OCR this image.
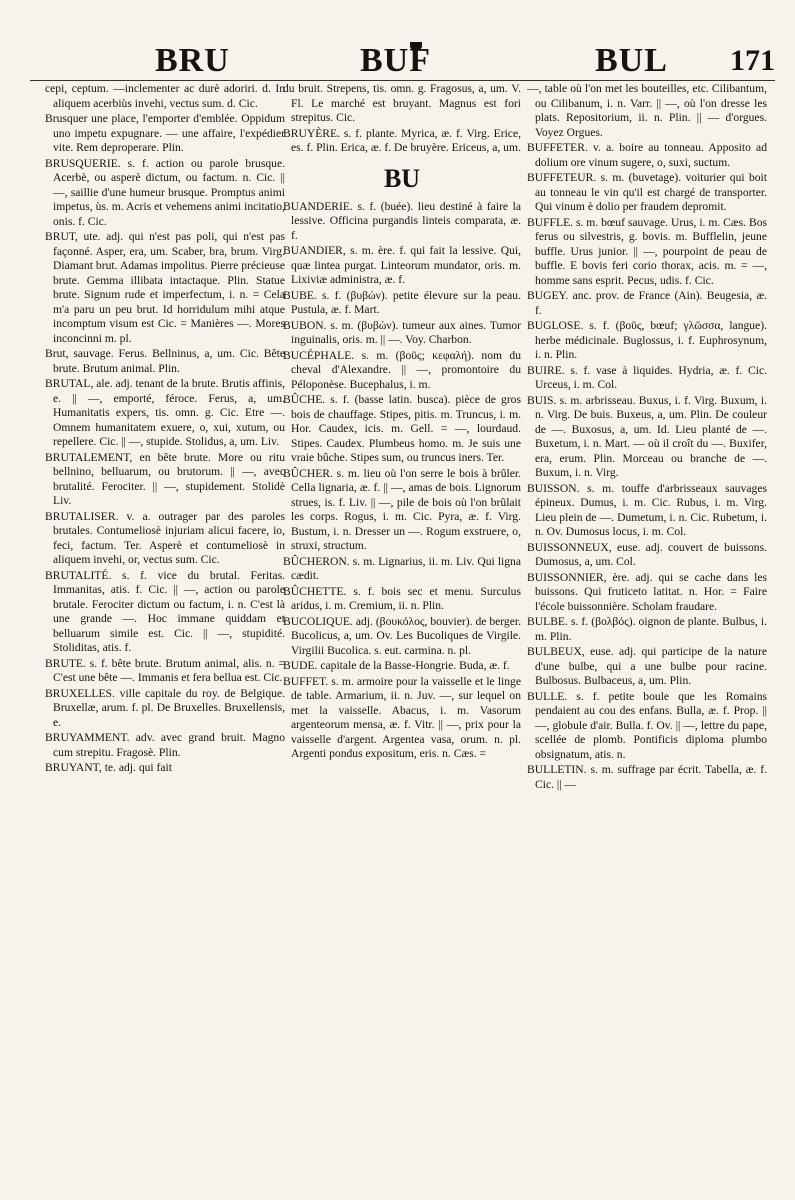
BRU	BUF	BUL 171
cepi, ceptum. —inclementer ac durè adoriri. d. In aliquem acerbiùs invehi, vectus sum. d. Cic.
Brusquer une place, l'emporter d'emblée. Oppidum uno impetu expugnare. — une affaire, l'expédier vite. Rem deproperare. Plin.
BRUSQUERIE. s. f. action ou parole brusque. Acerbè, ou asperè dictum, ou factum. n. Cic. || —, saillie d'une humeur brusque. Promptus animi impetus, ùs. m. Acris et vehemens animi incitatio, onis. f. Cic.
BRUT, ute. adj. qui n'est pas poli, qui n'est pas façonné. Asper, era, um. Scaber, bra, brum. Virg. Diamant brut. Adamas impolitus. Pierre précieuse brute. Gemma illibata intactaque. Plin. Statue brute. Signum rude et imperfectum, i. n. = Cela m'a paru un peu brut. Id horridulum mihi atque incomptum visum est Cic. = Manières —. Mores inconcinni m. pl.
Brut, sauvage. Ferus. Bellninus, a, um. Cic. Bête brute. Brutum animal. Plin.
BRUTAL, ale. adj. tenant de la brute. Brutis affinis, e. || —, emporté, féroce. Ferus, a, um. Humanitatis expers, tis. omn. g. Cic. Etre —. Omnem humanitatem exuere, o, xui, xutum, ou repellere. Cic. || —, stupide. Stolidus, a, um. Liv.
BRUTALEMENT, en bête brute. More ou ritu bellnino, belluarum, ou brutorum. || —, avec brutalité. Ferociter. || —, stupidement. Stolidè Liv.
BRUTALISER. v. a. outrager par des paroles brutales. Contumeliosè injuriam alicui facere, io, feci, factum. Ter. Asperè et contumeliosè in aliquem invehi, or, vectus sum. Cic.
BRUTALITÉ. s. f. vice du brutal. Feritas. Immanitas, atis. f. Cic. || —, action ou parole brutale. Ferociter dictum ou factum, i. n. C'est là une grande —. Hoc immane quiddam et belluarum simile est. Cic. || —, stupidité. Stoliditas, atis. f.
BRUTE. s. f. bête brute. Brutum animal, alis. n. = C'est une bête —. Immanis et fera bellua est. Cic.
BRUXELLES. ville capitale du roy. de Belgique. Bruxellæ, arum. f. pl. De Bruxelles. Bruxellensis, e.
BRUYAMMENT. adv. avec grand bruit. Magno cum strepitu. Fragosè. Plin.
BRUYANT, te. adj. qui fait
du bruit. Strepens, tis. omn. g. Fragosus, a, um. V. Fl. Le marché est bruyant. Magnus est fori strepitus. Cic.
BRUYÈRE. s. f. plante. Myrica, æ. f. Virg. Erice, es. f. Plin. Erica, æ. f. De bruyère. Ericeus, a, um.
BU
BUANDERIE. s. f. (buée). lieu destiné à faire la lessive. Officina purgandis linteis comparata, æ. f.
BUANDIER, s. m. ère. f. qui fait la lessive. Qui, quæ lintea purgat. Linteorum mundator, oris. m. Lixiviæ administra, æ. f.
BUBE. s. f. (βυβών). petite élevure sur la peau. Pustula, æ. f. Mart.
BUBON. s. m. (βυβών). tumeur aux aines. Tumor inguinalis, oris. m. || —. Voy. Charbon.
BUCÉPHALE. s. m. (βοῦς; κεφαλή). nom du cheval d'Alexandre. || —, promontoire du Péloponèse. Bucephalus, i. m.
BÛCHE. s. f. (basse latin. busca). pièce de gros bois de chauffage. Stipes, pitis. m. Truncus, i. m. Hor. Caudex, icis. m. Gell. = —, lourdaud. Stipes. Caudex. Plumbeus homo. m. Je suis une vraie bûche. Stipes sum, ou truncus iners. Ter.
BÛCHER. s. m. lieu où l'on serre le bois à brûler. Cella lignaria, æ. f. || —, amas de bois. Lignorum strues, is. f. Liv. || —, pile de bois où l'on brûlait les corps. Rogus, i. m. Cic. Pyra, æ. f. Virg. Bustum, i. n. Dresser un —. Rogum exstruere, o, struxi, structum.
BÛCHERON. s. m. Lignarius, ii. m. Liv. Qui ligna cædit.
BÛCHETTE. s. f. bois sec et menu. Surculus aridus, i. m. Cremium, ii. n. Plin.
BUCOLIQUE. adj. (βουκόλος, bouvier). de berger. Bucolicus, a, um. Ov. Les Bucoliques de Virgile. Virgilii Bucolica. s. eut. carmina. n. pl.
BUDE. capitale de la Basse-Hongrie. Buda, æ. f.
BUFFET. s. m. armoire pour la vaisselle et le linge de table. Armarium, ii. n. Juv. —, sur lequel on met la vaisselle. Abacus, i. m. Vasorum argenteorum mensa, æ. f. Vitr. || —, prix pour la vaisselle d'argent. Argentea vasa, orum. n. pl. Argenti pondus expositum, eris. n. Cæs. =
—, table où l'on met les bouteilles, etc. Cilibantum, ou Cilibanum, i. n. Varr. || —, où l'on dresse les plats. Repositorium, ii. n. Plin. || — d'orgues. Voyez Orgues.
BUFFETER. v. a. boire au tonneau. Apposito ad dolium ore vinum sugere, o, suxi, suctum.
BUFFETEUR. s. m. (buvetage). voiturier qui boit au tonneau le vin qu'il est chargé de transporter. Qui vinum è dolio per fraudem depromit.
BUFFLE. s. m. bœuf sauvage. Urus, i. m. Cæs. Bos ferus ou silvestris, g. bovis. m. Bufflelin, jeune buffle. Urus junior. || —, pourpoint de peau de buffle. E bovis feri corio thorax, acis. m. = —, homme sans esprit. Pecus, udis. f. Cic.
BUGEY. anc. prov. de France (Ain). Beugesia, æ. f.
BUGLOSE. s. f. (βοῦς, bœuf; γλῶσσα, langue). herbe médicinale. Buglossus, i. f. Euphrosynum, i. n. Plin.
BUIRE. s. f. vase à liquides. Hydria, æ. f. Cic. Urceus, i. m. Col.
BUIS. s. m. arbrisseau. Buxus, i. f. Virg. Buxum, i. n. Virg. De buis. Buxeus, a, um. Plin. De couleur de —. Buxosus, a, um. Id. Lieu planté de —. Buxetum, i. n. Mart. — où il croît du —. Buxifer, era, erum. Plin. Morceau ou branche de —. Buxum, i. n. Virg.
BUISSON. s. m. touffe d'arbrisseaux sauvages épineux. Dumus, i. m. Cic. Rubus, i. m. Virg. Lieu plein de —. Dumetum, i. n. Cic. Rubetum, i. n. Ov. Dumosus locus, i. m. Col.
BUISSONNEUX, euse. adj. couvert de buissons. Dumosus, a, um. Col.
BUISSONNIER, ère. adj. qui se cache dans les buissons. Qui fruticeto latitat. n. Hor. = Faire l'école buissonnière. Scholam fraudare.
BULBE. s. f. (βολβός). oignon de plante. Bulbus, i. m. Plin.
BULBEUX, euse. adj. qui participe de la nature d'une bulbe, qui a une bulbe pour racine. Bulbosus. Bulbaceus, a, um. Plin.
BULLE. s. f. petite boule que les Romains pendaient au cou des enfans. Bulla, æ. f. Prop. || —, globule d'air. Bulla. f. Ov. || —, lettre du pape, scellée de plomb. Pontificis diploma plumbo obsignatum, atis. n.
BULLETIN. s. m. suffrage par écrit. Tabella, æ. f. Cic. || —
